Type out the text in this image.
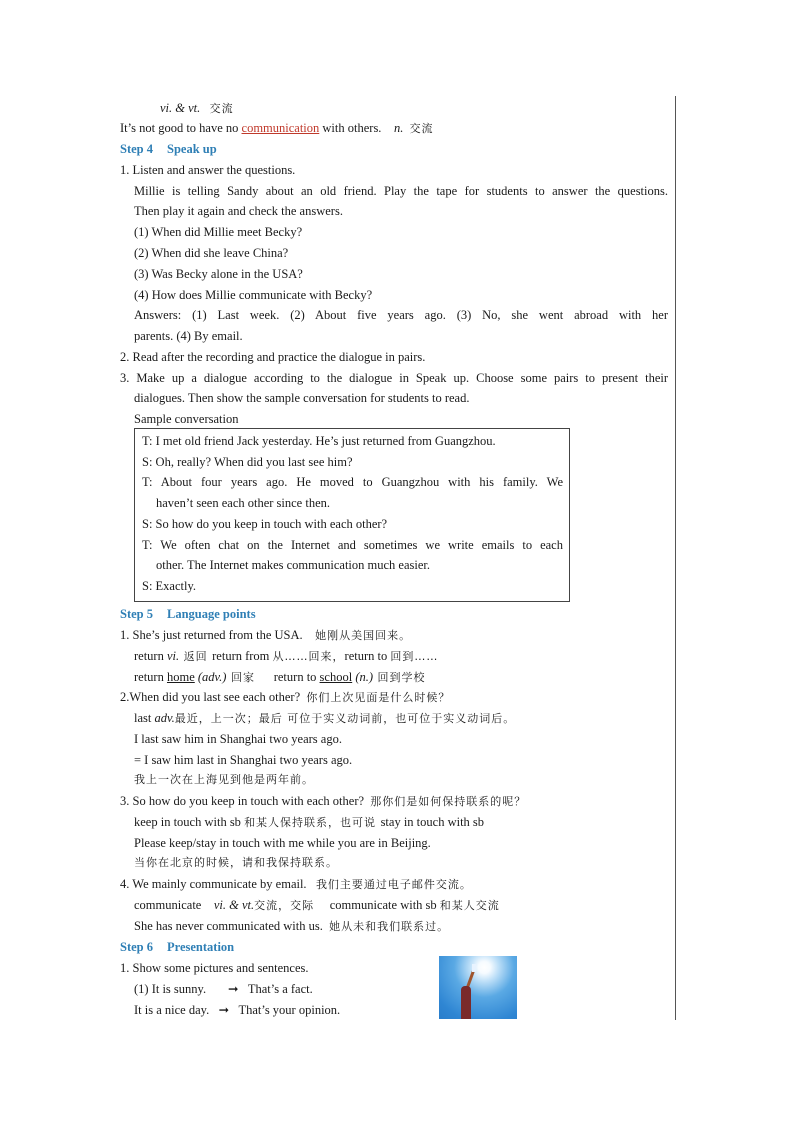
vi. & vt. 交流
It’s not good to have no communication with others. n. 交流
Step 4 Speak up
1. Listen and answer the questions.
Millie is telling Sandy about an old friend. Play the tape for students to answer the questions.
Then play it again and check the answers.
(1) When did Millie meet Becky?
(2) When did she leave China?
(3) Was Becky alone in the USA?
(4) How does Millie communicate with Becky?
Answers: (1) Last week. (2) About five years ago. (3) No, she went abroad with her
parents. (4) By email.
2. Read after the recording and practice the dialogue in pairs.
3. Make up a dialogue according to the dialogue in Speak up. Choose some pairs to present their
dialogues. Then show the sample conversation for students to read.
Sample conversation
T: I met old friend Jack yesterday. He’s just returned from Guangzhou.
S: Oh, really? When did you last see him?
T: About four years ago. He moved to Guangzhou with his family. We
haven’t seen each other since then.
S: So how do you keep in touch with each other?
T: We often chat on the Internet and sometimes we write emails to each
other. The Internet makes communication much easier.
S: Exactly.
Step 5 Language points
1. She’s just returned from the USA. 她刚从美国回来。
return vi. 返回 return from 从……回来，return to 回到……
return home (adv.) 回家      return to school (n.) 回到学校
2.When did you last see each other? 你们上次见面是什么时候？
last adv.最近，上一次；最后 可位于实义动词前，也可位于实义动词后。
I last saw him in Shanghai two years ago.
= I saw him last in Shanghai two years ago.
我上一次在上海见到他是两年前。
3. So how do you keep in touch with each other? 那你们是如何保持联系的呢？
keep in touch with sb 和某人保持联系，也可说 stay in touch with sb
Please keep/stay in touch with me while you are in Beijing.
当你在北京的时候，请和我保持联系。
4. We mainly communicate by email. 我们主要通过电子邮件交流。
communicate    vi. & vt.交流，交际     communicate with sb 和某人交流
She has never communicated with us. 她从未和我们联系过。
Step 6 Presentation
1. Show some pictures and sentences.
(1) It is sunny. ➞ That’s a fact.
It is a nice day. ➞ That’s your opinion.
